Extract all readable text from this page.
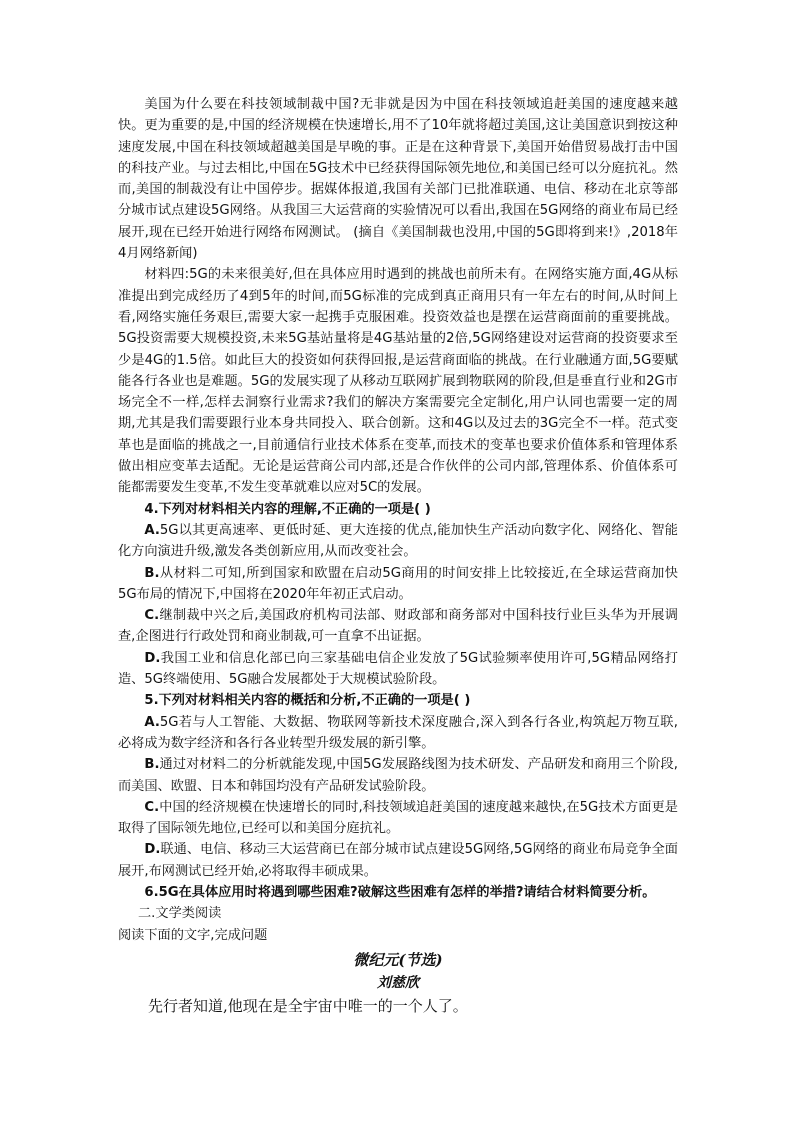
美国为什么要在科技领域制裁中国?无非就是因为中国在科技领域追赶美国的速度越来越快。更为重要的是,中国的经济规模在快速增长,用不了10年就将超过美国,这让美国意识到按这种速度发展,中国在科技领域超越美国是早晚的事。正是在这种背景下,美国开始借贸易战打击中国的科技产业。与过去相比,中国在5G技术中已经获得国际领先地位,和美国已经可以分庭抗礼。然而,美国的制裁没有让中国停步。据媒体报道,我国有关部门已批准联通、电信、移动在北京等部分城市试点建设5G网络。从我国三大运营商的实验情况可以看出,我国在5G网络的商业布局已经展开,现在已经开始进行网络布网测试。 (摘自《美国制裁也没用,中国的5G即将到来!》,2018年4月网络新闻)

材料四:5G的未来很美好,但在具体应用时遇到的挑战也前所未有。在网络实施方面,4G从标准提出到完成经历了4到5年的时间,而5G标准的完成到真正商用只有一年左右的时间,从时间上看,网络实施任务艰巨,需要大家一起携手克服困难。投资效益也是摆在运营商面前的重要挑战。5G投资需要大规模投资,未来5G基站量将是4G基站量的2倍,5G网络建设对运营商的投资要求至少是4G的1.5倍。如此巨大的投资如何获得回报,是运营商面临的挑战。在行业融通方面,5G要赋能各行各业也是难题。5G的发展实现了从移动互联网扩展到物联网的阶段,但是垂直行业和2G市场完全不一样,怎样去洞察行业需求?我们的解决方案需要完全定制化,用户认同也需要一定的周期,尤其是我们需要跟行业本身共同投入、联合创新。这和4G以及过去的3G完全不一样。范式变革也是面临的挑战之一,目前通信行业技术体系在变革,而技术的变革也要求价值体系和管理体系做出相应变革去适配。无论是运营商公司内部,还是合作伙伴的公司内部,管理体系、价值体系可能都需要发生变革,不发生变革就难以应对5C的发展。

4.下列对材料相关内容的理解,不正确的一项是( )

A.5G以其更高速率、更低时延、更大连接的优点,能加快生产活动向数字化、网络化、智能化方向演进升级,激发各类创新应用,从而改变社会。

B.从材料二可知,所到国家和欧盟在启动5G商用的时间安排上比较接近,在全球运营商加快5G布局的情况下,中国将在2020年年初正式启动。

C.继制裁中兴之后,美国政府机构司法部、财政部和商务部对中国科技行业巨头华为开展调查,企图进行行政处罚和商业制裁,可一直拿不出证据。

D.我国工业和信息化部已向三家基础电信企业发放了5G试验频率使用许可,5G精品网络打造、5G终端使用、5G融合发展都处于大规模试验阶段。

5.下列对材料相关内容的概括和分析,不正确的一项是( )

A.5G若与人工智能、大数据、物联网等新技术深度融合,深入到各行各业,构筑起万物互联,必将成为数字经济和各行各业转型升级发展的新引擎。

B.通过对材料二的分析就能发现,中国5G发展路线图为技术研发、产品研发和商用三个阶段,而美国、欧盟、日本和韩国均没有产品研发试验阶段。

C.中国的经济规模在快速增长的同时,科技领域追赶美国的速度越来越快,在5G技术方面更是取得了国际领先地位,已经可以和美国分庭抗礼。

D.联通、电信、移动三大运营商已在部分城市试点建设5G网络,5G网络的商业布局竞争全面展开,布网测试已经开始,必将取得丰硕成果。

6.5G在具体应用时将遇到哪些困难?破解这些困难有怎样的举措?请结合材料简要分析。

二.文学类阅读

阅读下面的文字,完成问题

微纪元(节选)

刘慈欣

先行者知道,他现在是全宇宙中唯一的一个人了。
